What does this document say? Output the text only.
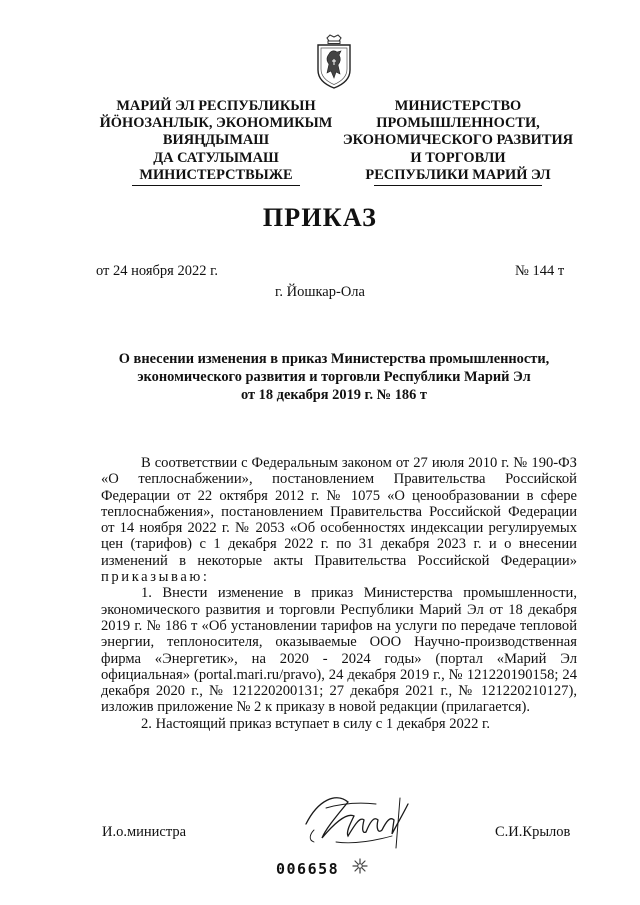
МАРИЙ ЭЛ РЕСПУБЛИКЫН
ЙӦНОЗАНЛЫК, ЭКОНОМИКЫМ
ВИЯҢДЫМАШ
ДА САТУЛЫМАШ
МИНИСТЕРСТВЫЖЕ
МИНИСТЕРСТВО
ПРОМЫШЛЕННОСТИ,
ЭКОНОМИЧЕСКОГО РАЗВИТИЯ
И ТОРГОВЛИ
РЕСПУБЛИКИ МАРИЙ ЭЛ
ПРИКАЗ
от 24 ноября 2022 г.	№ 144 т
г. Йошкар-Ола
О внесении изменения в приказ Министерства промышленности,
экономического развития и торговли Республики Марий Эл
от 18 декабря 2019 г. № 186 т

В соответствии с Федеральным законом от 27 июля 2010 г. № 190-ФЗ «О теплоснабжении», постановлением Правительства Российской Федерации от 22 октября 2012 г. № 1075 «О ценообразовании в сфере теплоснабжения», постановлением Правительства Российской Федерации от 14 ноября 2022 г. № 2053 «Об особенностях индексации регулируемых цен (тарифов) с 1 декабря 2022 г. по 31 декабря 2023 г. и о внесении изменений в некоторые акты Правительства Российской Федерации» приказываю:

1. Внести изменение в приказ Министерства промышленности, экономического развития и торговли Республики Марий Эл от 18 декабря 2019 г. № 186 т «Об установлении тарифов на услуги по передаче тепловой энергии, теплоносителя, оказываемые ООО Научно-производственная фирма «Энергетик», на 2020 - 2024 годы» (портал «Марий Эл официальная» (portal.mari.ru/pravo), 24 декабря 2019 г., № 121220190158; 24 декабря 2020 г., № 121220200131; 27 декабря 2021 г., № 121220210127), изложив приложение № 2 к приказу в новой редакции (прилагается).

2. Настоящий приказ вступает в силу с 1 декабря 2022 г.

И.о.министра	С.И.Крылов
006658
